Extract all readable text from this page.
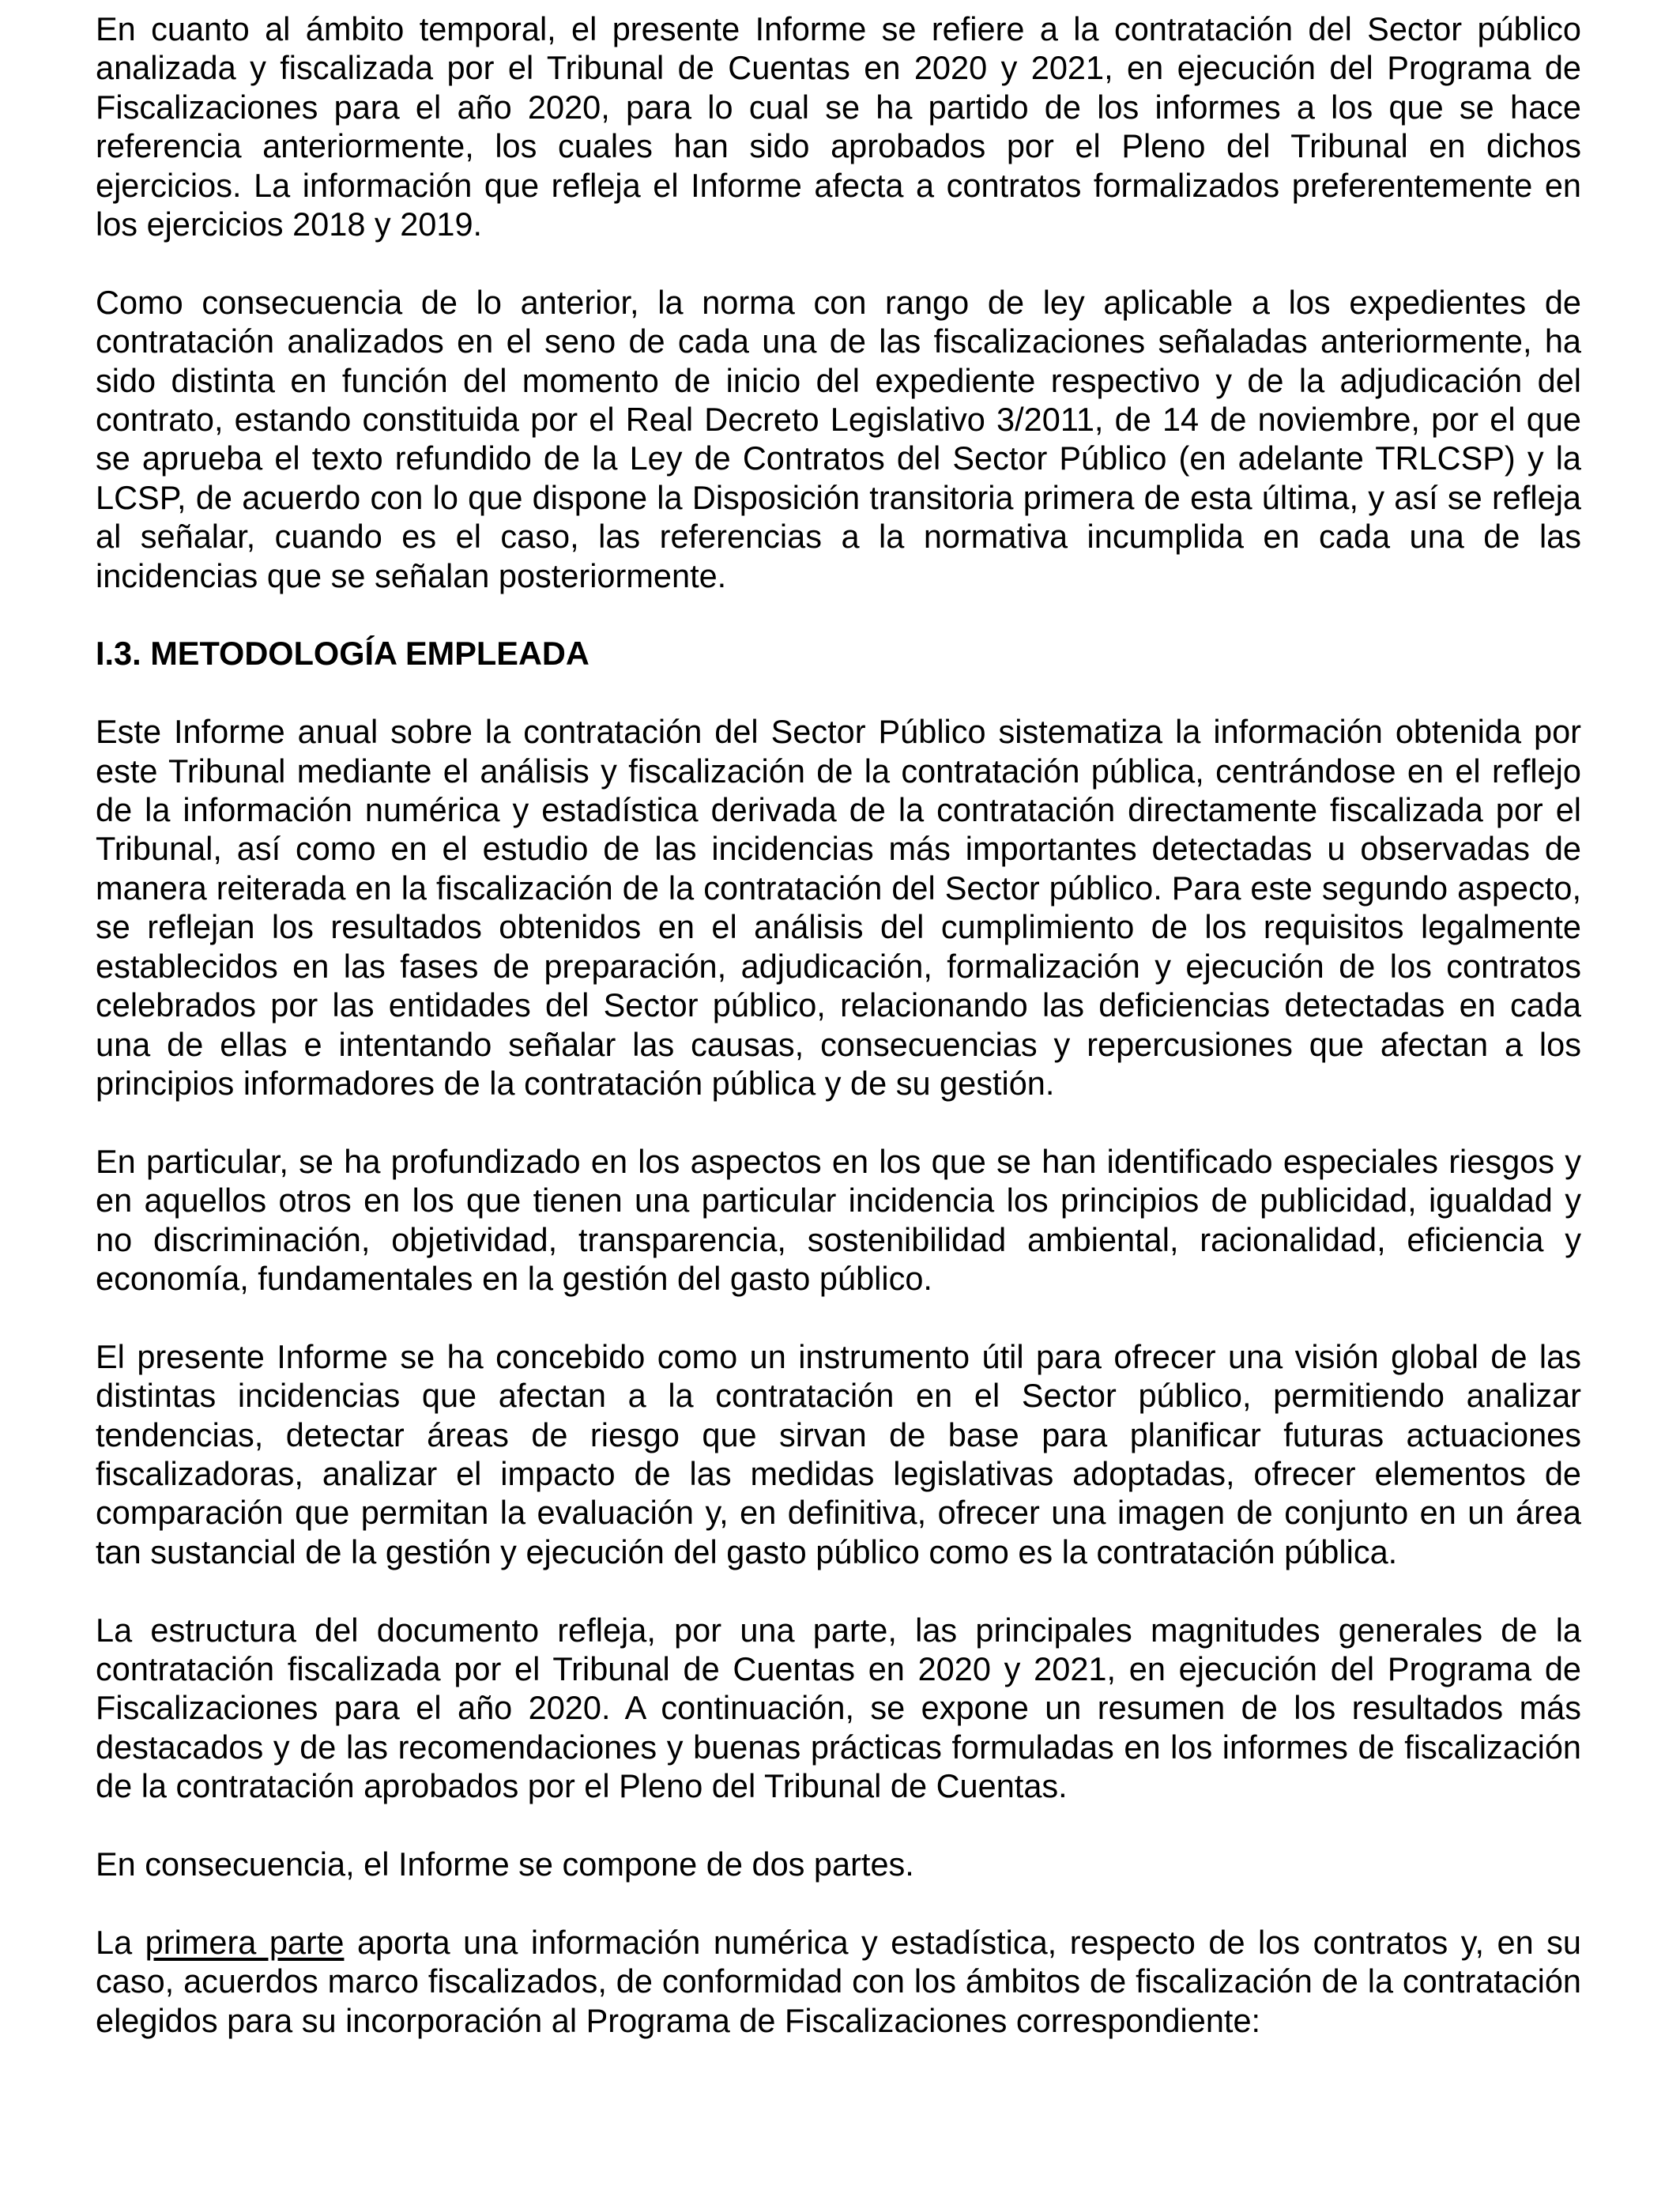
En cuanto al ámbito temporal, el presente Informe se refiere a la contratación del Sector público analizada y fiscalizada por el Tribunal de Cuentas en 2020 y 2021, en ejecución del Programa de Fiscalizaciones para el año 2020, para lo cual se ha partido de los informes a los que se hace referencia anteriormente, los cuales han sido aprobados por el Pleno del Tribunal en dichos ejercicios. La información que refleja el Informe afecta a contratos formalizados preferentemente en los ejercicios 2018 y 2019.

Como consecuencia de lo anterior, la norma con rango de ley aplicable a los expedientes de contratación analizados en el seno de cada una de las fiscalizaciones señaladas anteriormente, ha sido distinta en función del momento de inicio del expediente respectivo y de la adjudicación del contrato, estando constituida por el Real Decreto Legislativo 3/2011, de 14 de noviembre, por el que se aprueba el texto refundido de la Ley de Contratos del Sector Público (en adelante TRLCSP) y la LCSP, de acuerdo con lo que dispone la Disposición transitoria primera de esta última, y así se refleja al señalar, cuando es el caso, las referencias a la normativa incumplida en cada una de las incidencias que se señalan posteriormente.

I.3. METODOLOGÍA EMPLEADA

Este Informe anual sobre la contratación del Sector Público sistematiza la información obtenida por este Tribunal mediante el análisis y fiscalización de la contratación pública, centrándose en el reflejo de la información numérica y estadística derivada de la contratación directamente fiscalizada por el Tribunal, así como en el estudio de las incidencias más importantes detectadas u observadas de manera reiterada en la fiscalización de la contratación del Sector público. Para este segundo aspecto, se reflejan los resultados obtenidos en el análisis del cumplimiento de los requisitos legalmente establecidos en las fases de preparación, adjudicación, formalización y ejecución de los contratos celebrados por las entidades del Sector público, relacionando las deficiencias detectadas en cada una de ellas e intentando señalar las causas, consecuencias y repercusiones que afectan a los principios informadores de la contratación pública y de su gestión.

En particular, se ha profundizado en los aspectos en los que se han identificado especiales riesgos y en aquellos otros en los que tienen una particular incidencia los principios de publicidad, igualdad y no discriminación, objetividad, transparencia, sostenibilidad ambiental, racionalidad, eficiencia y economía, fundamentales en la gestión del gasto público.

El presente Informe se ha concebido como un instrumento útil para ofrecer una visión global de las distintas incidencias que afectan a la contratación en el Sector público, permitiendo analizar tendencias, detectar áreas de riesgo que sirvan de base para planificar futuras actuaciones fiscalizadoras, analizar el impacto de las medidas legislativas adoptadas, ofrecer elementos de comparación que permitan la evaluación y, en definitiva, ofrecer una imagen de conjunto en un área tan sustancial de la gestión y ejecución del gasto público como es la contratación pública.

La estructura del documento refleja, por una parte, las principales magnitudes generales de la contratación fiscalizada por el Tribunal de Cuentas en 2020 y 2021, en ejecución del Programa de Fiscalizaciones para el año 2020. A continuación, se expone un resumen de los resultados más destacados y de las recomendaciones y buenas prácticas formuladas en los informes de fiscalización de la contratación aprobados por el Pleno del Tribunal de Cuentas.

En consecuencia, el Informe se compone de dos partes.

La primera parte aporta una información numérica y estadística, respecto de los contratos y, en su caso, acuerdos marco fiscalizados, de conformidad con los ámbitos de fiscalización de la contratación elegidos para su incorporación al Programa de Fiscalizaciones correspondiente:
